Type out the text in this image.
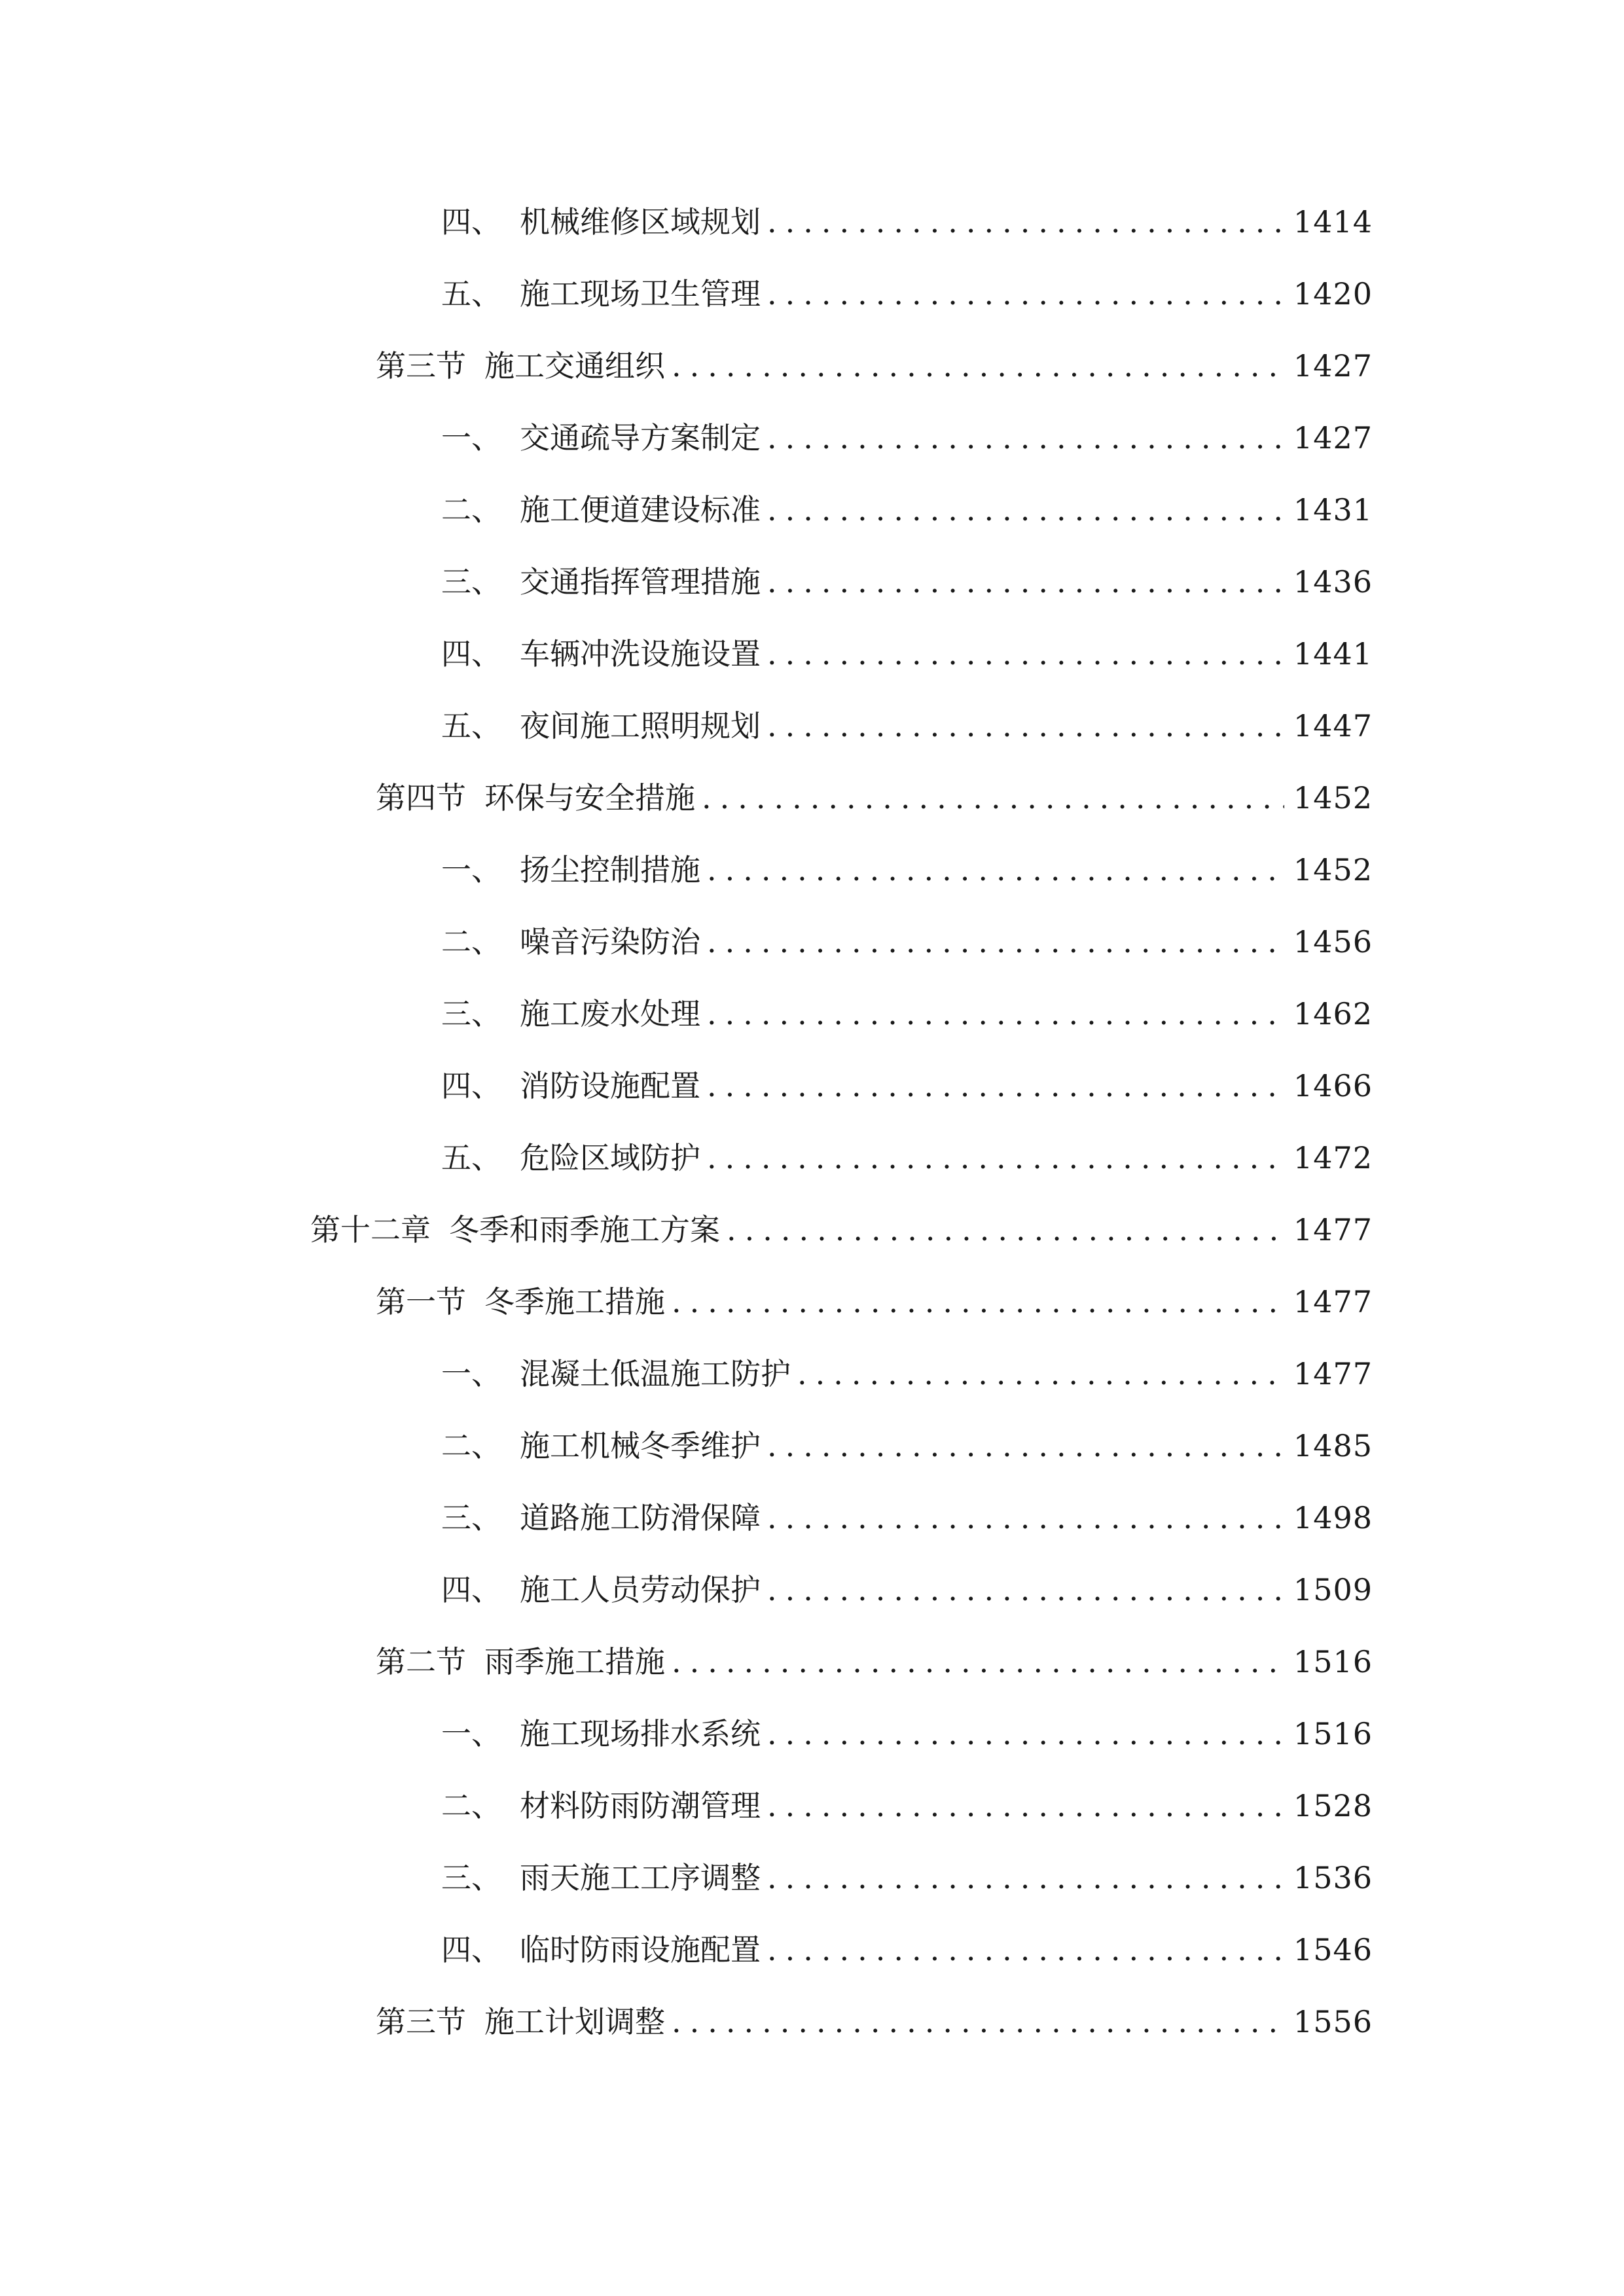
四、 机械维修区域规划 .....	1414
五、 施工现场卫生管理 .....	1420
第三节 施工交通组织 .....	1427
一、 交通疏导方案制定 .....	1427
二、 施工便道建设标准 .....	1431
三、 交通指挥管理措施 .....	1436
四、 车辆冲洗设施设置 .....	1441
五、 夜间施工照明规划 .....	1447
第四节 环保与安全措施 .....	1452
一、 扬尘控制措施 .....	1452
二、 噪音污染防治 .....	1456
三、 施工废水处理 .....	1462
四、 消防设施配置 .....	1466
五、 危险区域防护 .....	1472
第十二章 冬季和雨季施工方案 .....	1477
第一节 冬季施工措施 .....	1477
一、 混凝土低温施工防护 .....	1477
二、 施工机械冬季维护 .....	1485
三、 道路施工防滑保障 .....	1498
四、 施工人员劳动保护 .....	1509
第二节 雨季施工措施 .....	1516
一、 施工现场排水系统 .....	1516
二、 材料防雨防潮管理 .....	1528
三、 雨天施工工序调整 .....	1536
四、 临时防雨设施配置 .....	1546
第三节 施工计划调整 .....	1556
